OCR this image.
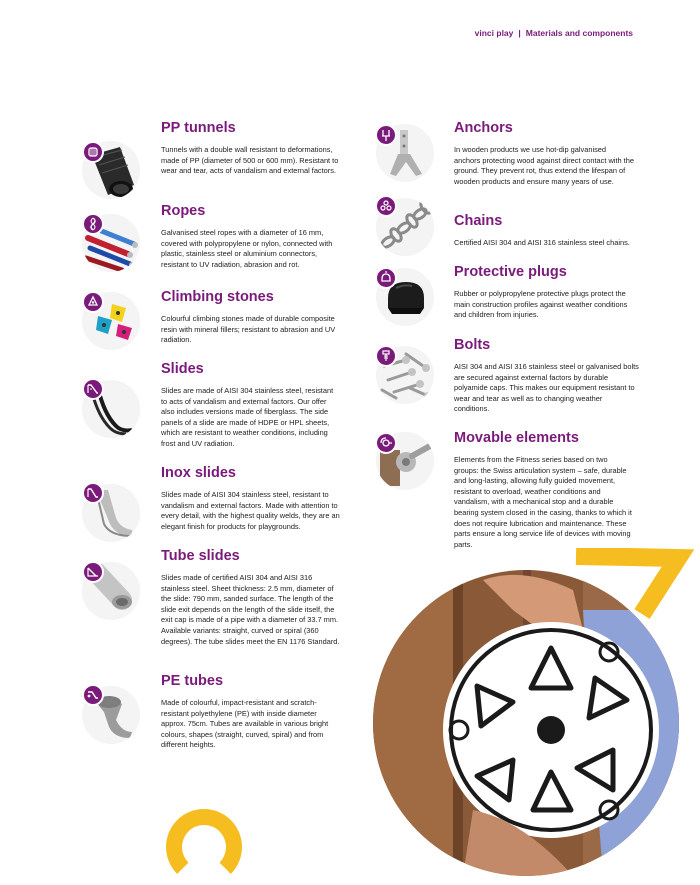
vinci play | Materials and components
PP tunnels

Tunnels with a double wall resistant to deformations, made of PP (diameter of 500 or 600 mm). Resistant to wear and tear, acts of vandalism and external factors.

Ropes

Galvanised steel ropes with a diameter of 16 mm, covered with polypropylene or nylon, connected with plastic, stainless steel or aluminium connectors, resistant to UV radiation, abrasion and rot.

Climbing stones

Colourful climbing stones made of durable composite resin with mineral fillers; resistant to abrasion and UV radiation.

Slides

Slides are made of AISI 304 stainless steel, resistant to acts of vandalism and external factors. Our offer also includes versions made of fiberglass. The side panels of a slide are made of HDPE or HPL sheets, which are resistant to weather conditions, including frost and UV radiation.

Inox slides

Slides made of AISI 304 stainless steel, resistant to vandalism and external factors. Made with attention to every detail, with the highest quality welds, they are an elegant finish for products for playgrounds.

Tube slides

Slides made of certified AISI 304 and AISI 316 stainless steel. Sheet thickness: 2.5 mm, diameter of the slide: 790 mm, sanded surface. The length of the slide exit depends on the length of the slide itself, the exit cap is made of a pipe with a diameter of 33.7 mm. Available variants: straight, curved or spiral (360 degrees). The tube slides meet the EN 1176 Standard.

PE tubes

Made of colourful, impact-resistant and scratch-resistant polyethylene (PE) with inside diameter approx. 75cm. Tubes are available in various bright colours, shapes (straight, curved, spiral) and from different heights.

Anchors

In wooden products we use hot-dip galvanised anchors protecting wood against direct contact with the ground. They prevent rot, thus extend the lifespan of wooden products and ensure many years of use.

Chains

Certified AISI 304 and AISI 316 stainless steel chains.

Protective plugs

Rubber or polypropylene protective plugs protect the main construction profiles against weather conditions and children from injuries.

Bolts

AISI 304 and AISI 316 stainless steel or galvanised bolts are secured against external factors by durable polyamide caps. This makes our equipment resistant to wear and tear as well as to changing weather conditions.

Movable elements

Elements from the Fitness series based on two groups: the Swiss articulation system – safe, durable and long-lasting, allowing fully guided movement, resistant to overload, weather conditions and vandalism, with a mechanical stop and a durable bearing system closed in the casing, thanks to which it does not require lubrication and maintenance. These parts ensure a long service life of devices with moving parts.
